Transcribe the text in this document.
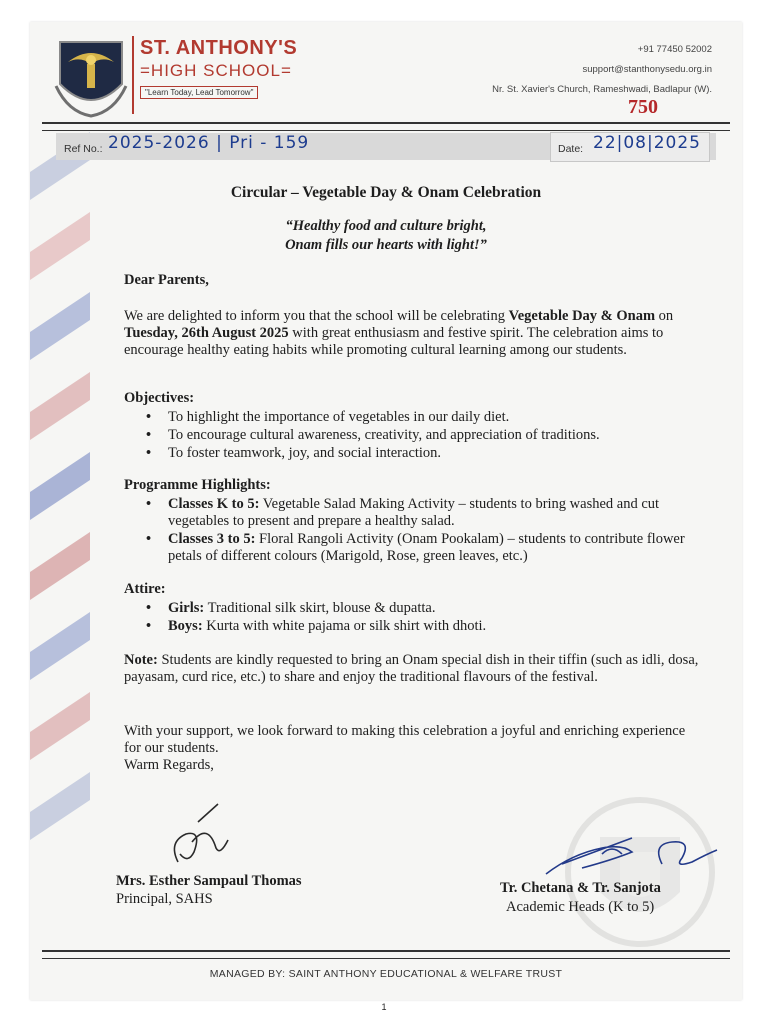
ST. ANTHONY'S
=HIGH SCHOOL=
"Learn Today, Lead Tomorrow"
+91 77450 52002
support@stanthonysedu.org.in
Nr. St. Xavier's Church, Rameshwadi, Badlapur (W).
750
Ref No.: 2025-2026 | Pri - 159	Date: 22|08|2025
Circular – Vegetable Day & Onam Celebration
“Healthy food and culture bright,
Onam fills our hearts with light!”
Dear Parents,
We are delighted to inform you that the school will be celebrating Vegetable Day & Onam on Tuesday, 26th August 2025 with great enthusiasm and festive spirit. The celebration aims to encourage healthy eating habits while promoting cultural learning among our students.
Objectives:
• To highlight the importance of vegetables in our daily diet.
• To encourage cultural awareness, creativity, and appreciation of traditions.
• To foster teamwork, joy, and social interaction.
Programme Highlights:
• Classes K to 5: Vegetable Salad Making Activity – students to bring washed and cut vegetables to present and prepare a healthy salad.
• Classes 3 to 5: Floral Rangoli Activity (Onam Pookalam) – students to contribute flower petals of different colours (Marigold, Rose, green leaves, etc.)
Attire:
• Girls: Traditional silk skirt, blouse & dupatta.
• Boys: Kurta with white pajama or silk shirt with dhoti.
Note: Students are kindly requested to bring an Onam special dish in their tiffin (such as idli, dosa, payasam, curd rice, etc.) to share and enjoy the traditional flavours of the festival.
With your support, we look forward to making this celebration a joyful and enriching experience for our students.
Warm Regards,
Mrs. Esther Sampaul Thomas
Principal, SAHS
Tr. Chetana & Tr. Sanjota
Academic Heads (K to 5)
MANAGED BY: SAINT ANTHONY EDUCATIONAL & WELFARE TRUST
1
